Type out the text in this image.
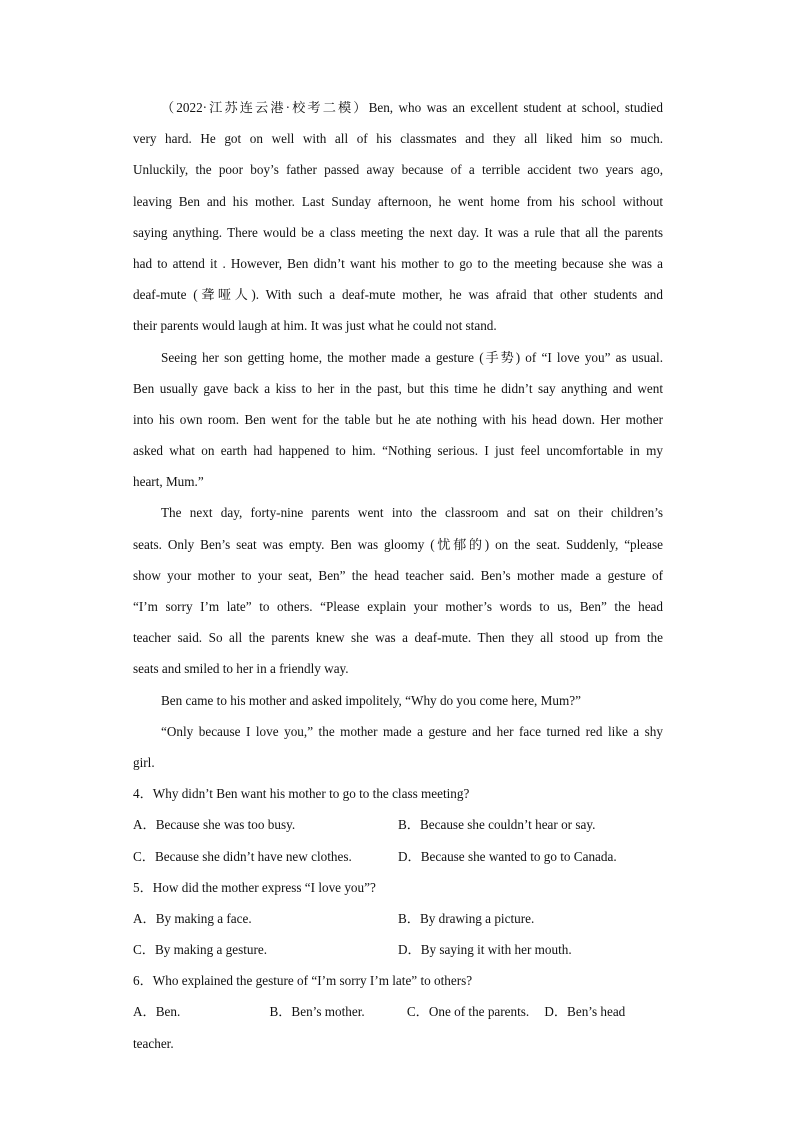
（2022·江苏连云港·校考二模）Ben, who was an excellent student at school, studied
very hard. He got on well with all of his classmates and they all liked him so much.
Unluckily, the poor boy’s father passed away because of a terrible accident two years ago,
leaving Ben and his mother. Last Sunday afternoon, he went home from his school without
saying anything. There would be a class meeting the next day. It was a rule that all the parents
had to attend it . However, Ben didn’t want his mother to go to the meeting because she was a
deaf-mute (聋哑人). With such a deaf-mute mother, he was afraid that other students and
their parents would laugh at him. It was just what he could not stand.
Seeing her son getting home, the mother made a gesture (手势) of “I love you” as usual.
Ben usually gave back a kiss to her in the past, but this time he didn’t say anything and went
into his own room. Ben went for the table but he ate nothing with his head down. Her mother
asked what on earth had happened to him. “Nothing serious. I just feel uncomfortable in my
heart, Mum.”
The next day, forty-nine parents went into the classroom and sat on their children’s
seats. Only Ben’s seat was empty. Ben was gloomy (忧郁的) on the seat. Suddenly, “please
show your mother to your seat, Ben” the head teacher said. Ben’s mother made a gesture of
“I’m sorry I’m late” to others. “Please explain your mother’s words to us, Ben” the head
teacher said. So all the parents knew she was a deaf-mute. Then they all stood up from the
seats and smiled to her in a friendly way.
Ben came to his mother and asked impolitely, “Why do you come here, Mum?”
“Only because I love you,” the mother made a gesture and her face turned red like a shy
girl.
4．Why didn’t Ben want his mother to go to the class meeting?
A．Because she was too busy.	B．Because she couldn’t hear or say.
C．Because she didn’t have new clothes.	D．Because she wanted to go to Canada.
5．How did the mother express “I love you”?
A．By making a face.	B．By drawing a picture.
C．By making a gesture.	D．By saying it with her mouth.
6．Who explained the gesture of “I’m sorry I’m late” to others?
A．Ben.	B．Ben’s mother.	C．One of the parents.	D．Ben’s head
teacher.
